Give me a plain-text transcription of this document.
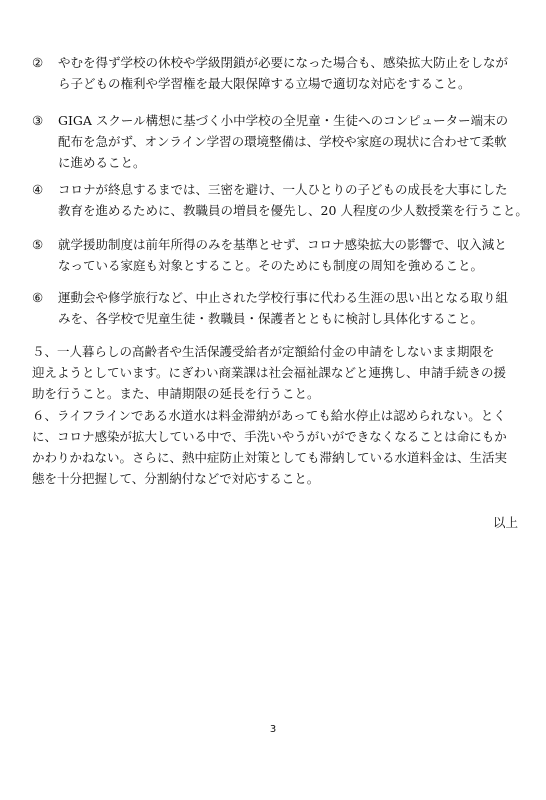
②	やむを得ず学校の休校や学級閉鎖が必要になった場合も、感染拡大防止をしなが
ら子どもの権利や学習権を最大限保障する立場で適切な対応をすること。
③	GIGA スクール構想に基づく小中学校の全児童・生徒へのコンピューター端末の
配布を急がず、オンライン学習の環境整備は、学校や家庭の現状に合わせて柔軟
に進めること。
④	コロナが終息するまでは、三密を避け、一人ひとりの子どもの成長を大事にした
教育を進めるために、教職員の増員を優先し、20 人程度の少人数授業を行うこと。
⑤	就学援助制度は前年所得のみを基準とせず、コロナ感染拡大の影響で、収入減と
なっている家庭も対象とすること。そのためにも制度の周知を強めること。
⑥	運動会や修学旅行など、中止された学校行事に代わる生涯の思い出となる取り組
みを、各学校で児童生徒・教職員・保護者とともに検討し具体化すること。
５、一人暮らしの高齢者や生活保護受給者が定額給付金の申請をしないまま期限を
迎えようとしています。にぎわい商業課は社会福祉課などと連携し、申請手続きの援
助を行うこと。また、申請期限の延長を行うこと。
６、ライフラインである水道水は料金滞納があっても給水停止は認められない。とく
に、コロナ感染が拡大している中で、手洗いやうがいができなくなることは命にもか
かわりかねない。さらに、熱中症防止対策としても滞納している水道料金は、生活実
態を十分把握して、分割納付などで対応すること。
以上
3
